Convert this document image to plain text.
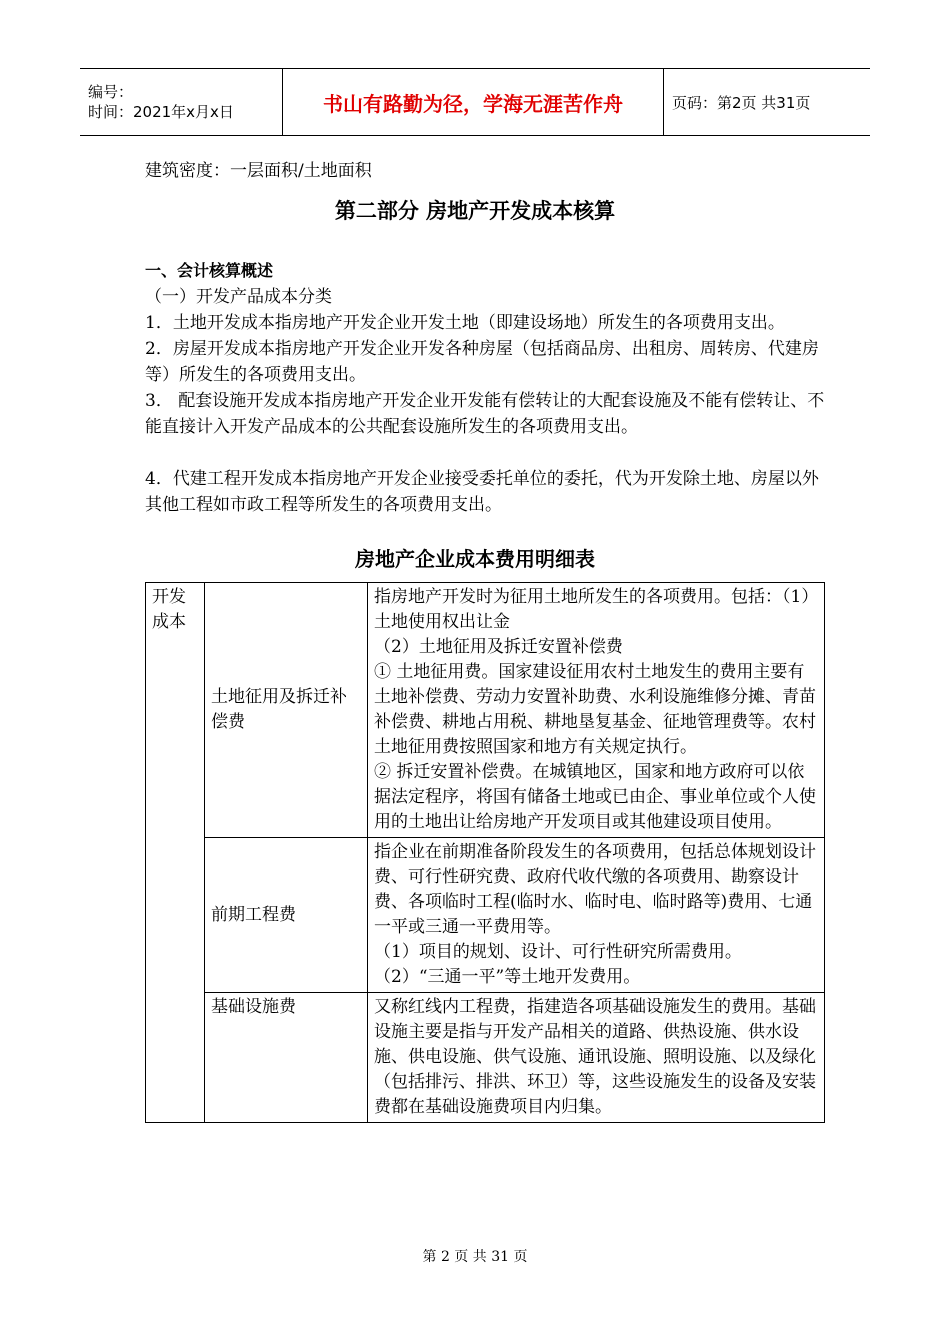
编号：
时间：2021年x月x日	书山有路勤为径，学海无涯苦作舟	页码：第2页 共31页
建筑密度：一层面积/土地面积
第二部分 房地产开发成本核算

一、会计核算概述

（一）开发产品成本分类

1．土地开发成本指房地产开发企业开发土地（即建设场地）所发生的各项费用支出。

2．房屋开发成本指房地产开发企业开发各种房屋（包括商品房、出租房、周转房、代建房等）所发生的各项费用支出。

3． 配套设施开发成本指房地产开发企业开发能有偿转让的大配套设施及不能有偿转让、不能直接计入开发产品成本的公共配套设施所发生的各项费用支出。

4．代建工程开发成本指房地产开发企业接受委托单位的委托，代为开发除土地、房屋以外其他工程如市政工程等所发生的各项费用支出。

房地产企业成本费用明细表
开发成本	土地征用及拆迁补偿费	指房地产开发时为征用土地所发生的各项费用。包括：（1）土地使用权出让金
（2）土地征用及拆迁安置补偿费
① 土地征用费。国家建设征用农村土地发生的费用主要有土地补偿费、劳动力安置补助费、水利设施维修分摊、青苗补偿费、耕地占用税、耕地垦复基金、征地管理费等。农村土地征用费按照国家和地方有关规定执行。
② 拆迁安置补偿费。在城镇地区，国家和地方政府可以依据法定程序，将国有储备土地或已由企、事业单位或个人使用的土地出让给房地产开发项目或其他建设项目使用。

	前期工程费	指企业在前期准备阶段发生的各项费用，包括总体规划设计费、可行性研究费、政府代收代缴的各项费用、勘察设计费、各项临时工程(临时水、临时电、临时路等)费用、七通一平或三通一平费用等。
（1）项目的规划、设计、可行性研究所需费用。
（2）“三通一平”等土地开发费用。

	基础设施费	又称红线内工程费，指建造各项基础设施发生的费用。基础设施主要是指与开发产品相关的道路、供热设施、供水设施、供电设施、供气设施、通讯设施、照明设施、以及绿化（包括排污、排洪、环卫）等，这些设施发生的设备及安装费都在基础设施费项目内归集。
第 2 页 共 31 页
